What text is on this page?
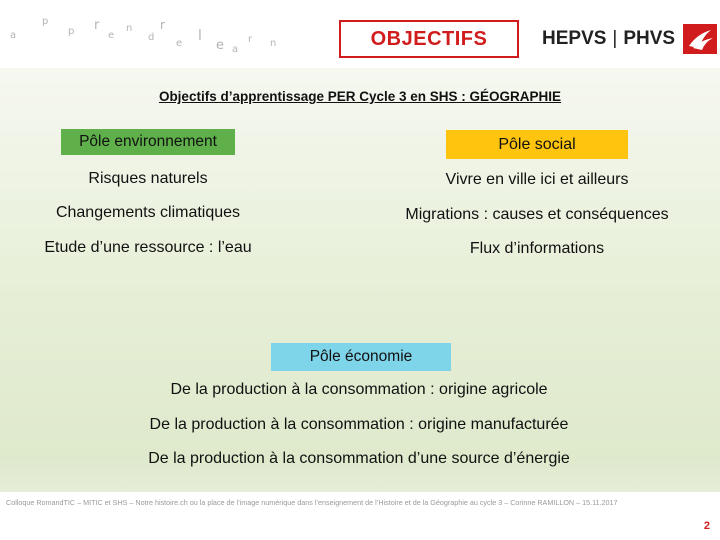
a
p
p r
e
n
d
r
e l
e a
r n	OBJECTIFS	HEPVS | PHVS
Objectifs d’apprentissage PER Cycle 3 en SHS : GÉOGRAPHIE
Pôle environnement
Risques naturels
Changements climatiques
Etude d’une ressource : l’eau
Pôle social
Vivre en ville ici et ailleurs
Migrations : causes et conséquences
Flux d’informations
Pôle économie
De la production à la consommation : origine agricole
De la production à la consommation : origine manufacturée
De la production à la consommation d’une source d’énergie
Colloque RomandTIC – MITIC et SHS – Notre histoire.ch ou la place de l’image numérique dans l’enseignement de l’Histoire et de la Géographie au cycle 3 – Corinne RAMILLON – 15.11.2017
2
